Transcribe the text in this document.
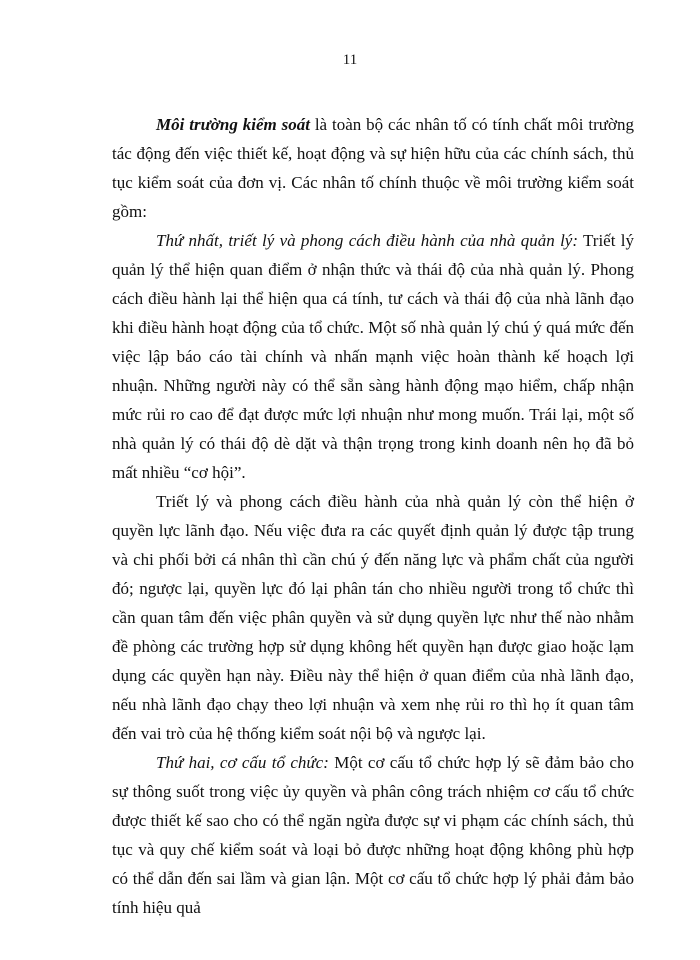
11

Môi trường kiểm soát là toàn bộ các nhân tố có tính chất môi trường tác động đến việc thiết kế, hoạt động và sự hiện hữu của các chính sách, thủ tục kiểm soát của đơn vị. Các nhân tố chính thuộc về môi trường kiểm soát gồm:

Thứ nhất, triết lý và phong cách điều hành của nhà quản lý: Triết lý quản lý thể hiện quan điểm ở nhận thức và thái độ của nhà quản lý. Phong cách điều hành lại thể hiện qua cá tính, tư cách và thái độ của nhà lãnh đạo khi điều hành hoạt động của tổ chức. Một số nhà quản lý chú ý quá mức đến việc lập báo cáo tài chính và nhấn mạnh việc hoàn thành kế hoạch lợi nhuận. Những người này có thể sẵn sàng hành động mạo hiểm, chấp nhận mức rủi ro cao để đạt được mức lợi nhuận như mong muốn. Trái lại, một số nhà quản lý có thái độ dè dặt và thận trọng trong kinh doanh nên họ đã bỏ mất nhiều “cơ hội”.

Triết lý và phong cách điều hành của nhà quản lý còn thể hiện ở quyền lực lãnh đạo. Nếu việc đưa ra các quyết định quản lý được tập trung và chi phối bởi cá nhân thì cần chú ý đến năng lực và phẩm chất của người đó; ngược lại, quyền lực đó lại phân tán cho nhiều người trong tổ chức thì cần quan tâm đến việc phân quyền và sử dụng quyền lực như thế nào nhằm đề phòng các trường hợp sử dụng không hết quyền hạn được giao hoặc lạm dụng các quyền hạn này. Điều này thể hiện ở quan điểm của nhà lãnh đạo, nếu nhà lãnh đạo chạy theo lợi nhuận và xem nhẹ rủi ro thì họ ít quan tâm đến vai trò của hệ thống kiểm soát nội bộ và ngược lại.

Thứ hai, cơ cấu tổ chức: Một cơ cấu tổ chức hợp lý sẽ đảm bảo cho sự thông suốt trong việc ủy quyền và phân công trách nhiệm cơ cấu tổ chức được thiết kế sao cho có thể ngăn ngừa được sự vi phạm các chính sách, thủ tục và quy chế kiểm soát và loại bỏ được những hoạt động không phù hợp có thể dẫn đến sai lầm và gian lận. Một cơ cấu tổ chức hợp lý phải đảm bảo tính hiệu quả
